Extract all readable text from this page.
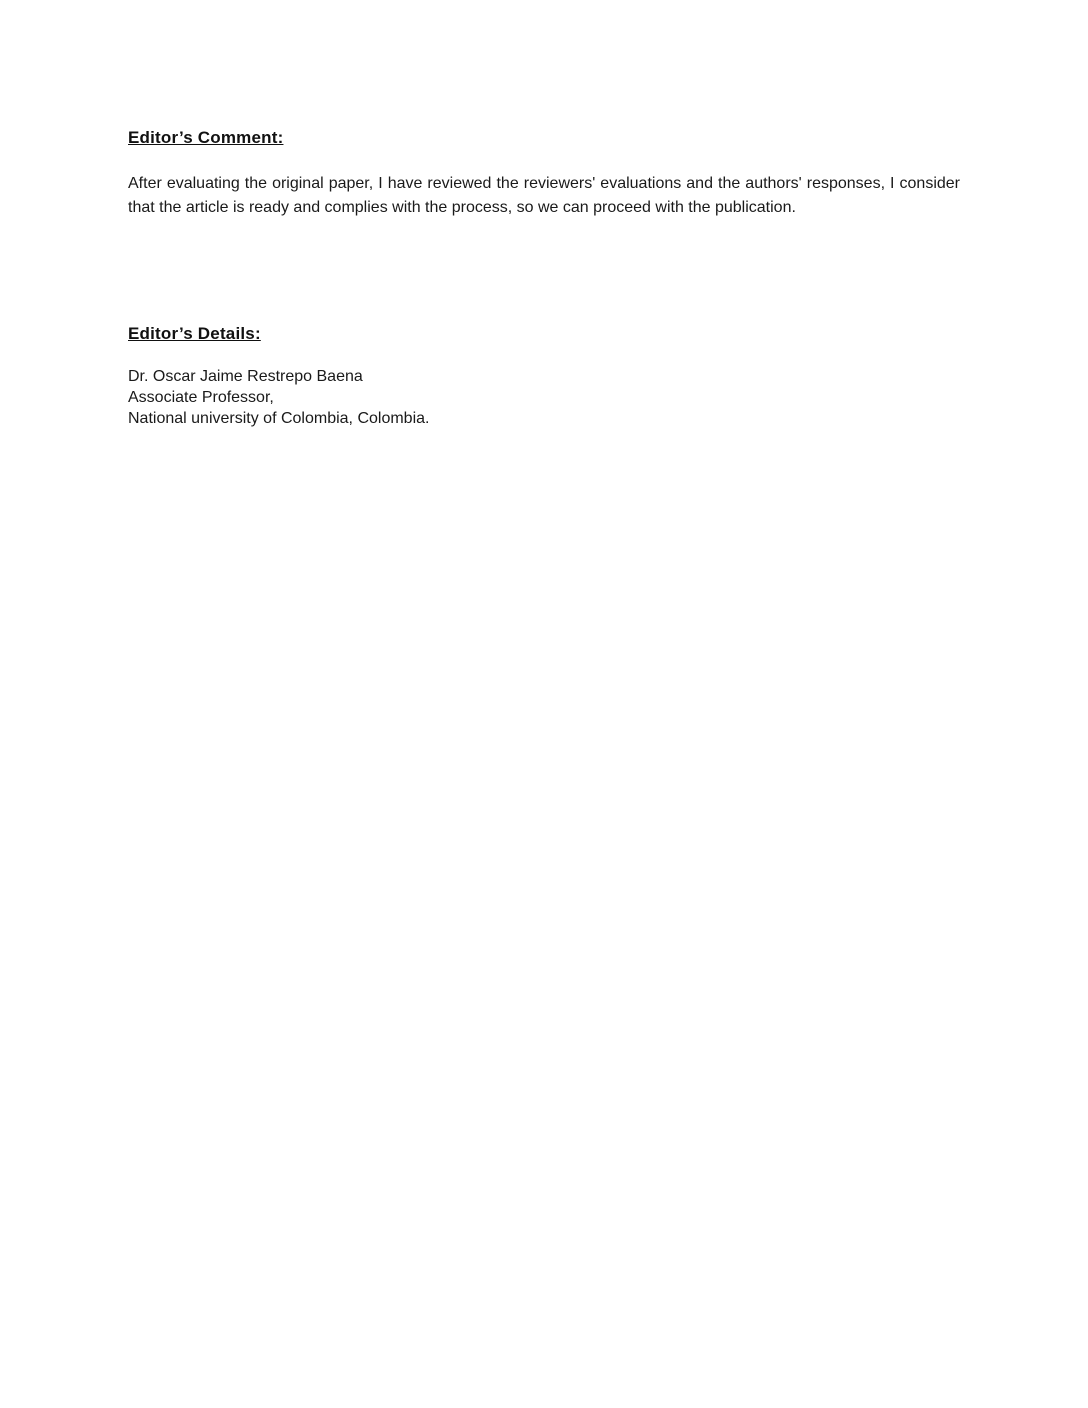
Editor’s Comment:

After evaluating the original paper, I have reviewed the reviewers' evaluations and the authors' responses, I consider that the article is ready and complies with the process, so we can proceed with the publication.

Editor’s Details:

Dr. Oscar Jaime Restrepo Baena

Associate Professor,

National university of Colombia, Colombia.
